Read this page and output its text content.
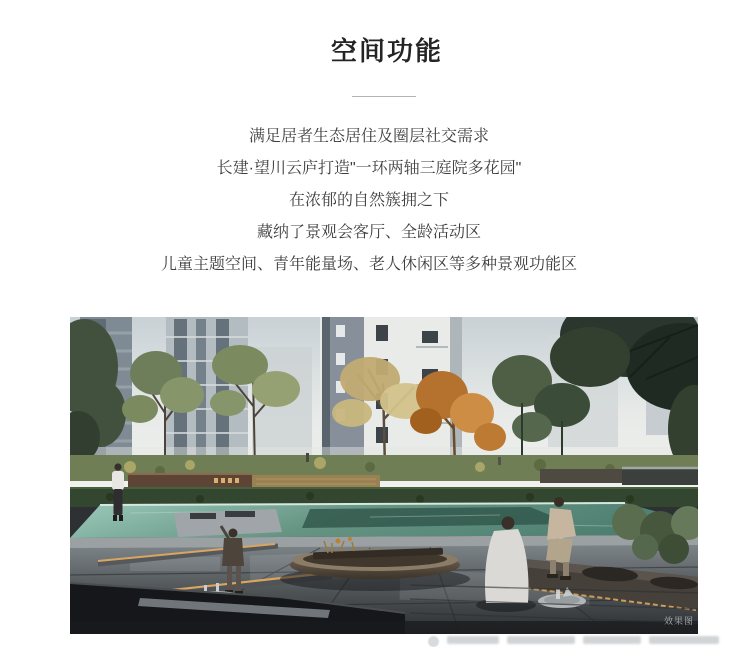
空间功能
满足居者生态居住及圈层社交需求
长建·望川云庐打造"一环两轴三庭院多花园"
在浓郁的自然簇拥之下
藏纳了景观会客厅、全龄活动区
儿童主题空间、青年能量场、老人休闲区等多种景观功能区
效果图
